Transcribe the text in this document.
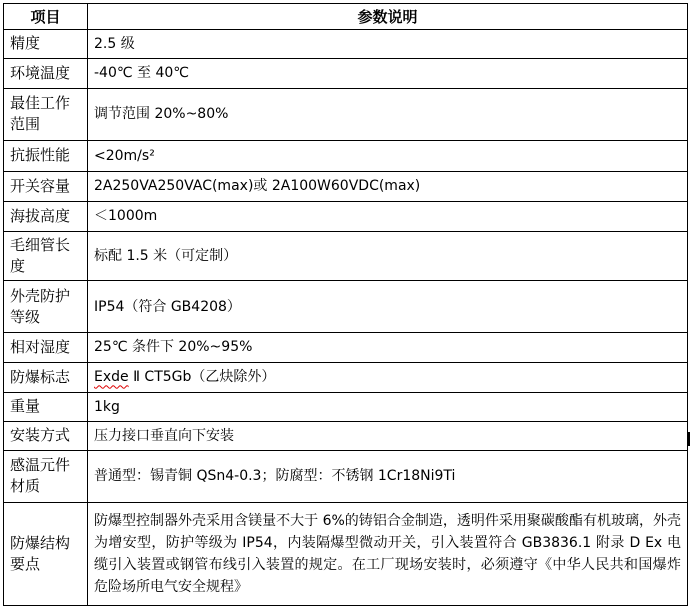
项目	参数说明
精度	2.5 级
环境温度	-40℃ 至 40℃
最佳工作范围	调节范围 20%~80%
抗振性能	<20m/s²
开关容量	2A250VA250VAC(max)或 2A100W60VDC(max)
海拔高度	＜1000m
毛细管长度	标配 1.5 米（可定制）
外壳防护等级	IP54（符合 GB4208）
相对湿度	25℃ 条件下 20%~95%
防爆标志	Exde Ⅱ CT5Gb（乙炔除外）
重量	1kg
安装方式	压力接口垂直向下安装
感温元件材质	普通型：锡青铜 QSn4-0.3；防腐型：不锈钢 1Cr18Ni9Ti
防爆结构要点	防爆型控制器外壳采用含镁量不大于 6%的铸铝合金制造，透明件采用聚碳酸酯有机玻璃，外壳为增安型，防护等级为 IP54，内装隔爆型微动开关，引入装置符合 GB3836.1 附录 D Ex 电缆引入装置或钢管布线引入装置的规定。在工厂现场安装时，必须遵守《中华人民共和国爆炸危险场所电气安全规程》
